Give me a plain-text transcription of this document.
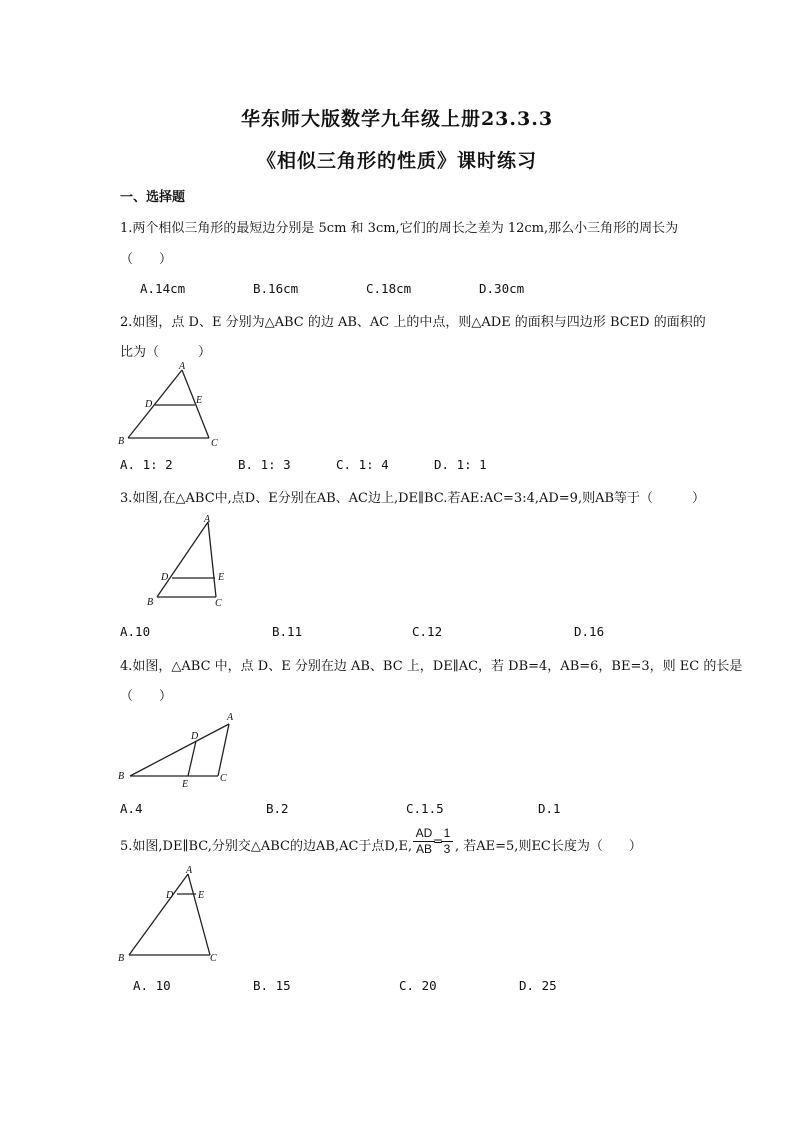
华东师大版数学九年级上册23.3.3
《相似三角形的性质》课时练习
一、选择题
1.两个相似三角形的最短边分别是 5cm 和 3cm,它们的周长之差为 12cm,那么小三角形的周长为
（　　）
A.14cm	B.16cm	C.18cm	D.30cm
2.如图，点 D、E 分别为△ABC 的边 AB、AC 上的中点，则△ADE 的面积与四边形 BCED 的面积的
比为（　　　）
A
D	E
B	C
A. 1: 2	B. 1: 3	C. 1: 4	D. 1: 1
3.如图,在△ABC中,点D、E分别在AB、AC边上,DE∥BC.若AE:AC=3:4,AD=9,则AB等于（　　　）
A
D	E
B	C
A.10	B.11	C.12	D.16
4.如图，△ABC 中，点 D、E 分别在边 AB、BC 上，DE∥AC，若 DB=4，AB=6，BE=3，则 EC 的长是
（　　）
A
D
B
E
C
A.4	B.2	C.1.5	D.1
5.如图,DE∥BC,分别交△ABC的边AB,AC于点D,E, $\frac{AD}{AB}$
=
$\frac{1}{3}$ , 若AE=5,则EC长度为（　　）
A
D E
B	C
A. 10	B. 15	C. 20	D. 25
